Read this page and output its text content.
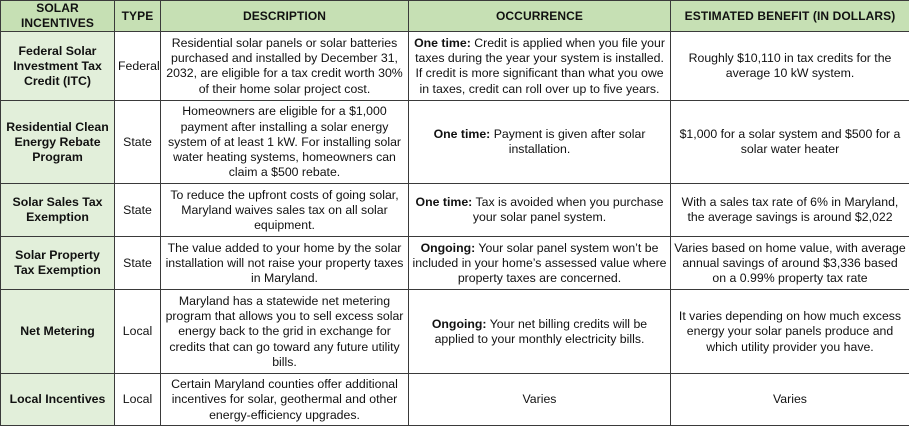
SOLAR INCENTIVES	TYPE	DESCRIPTION	OCCURRENCE	ESTIMATED BENEFIT (IN DOLLARS)
Federal Solar Investment Tax Credit (ITC)	Federal	Residential solar panels or solar batteries purchased and installed by December 31, 2032, are eligible for a tax credit worth 30% of their home solar project cost.	One time: Credit is applied when you file your taxes during the year your system is installed. If credit is more significant than what you owe in taxes, credit can roll over up to five years.	Roughly $10,110 in tax credits for the average 10 kW system.
Residential Clean Energy Rebate Program	State	Homeowners are eligible for a $1,000 payment after installing a solar energy system of at least 1 kW. For installing solar water heating systems, homeowners can claim a $500 rebate.	One time: Payment is given after solar installation.	$1,000 for a solar system and $500 for a solar water heater
Solar Sales Tax Exemption	State	To reduce the upfront costs of going solar, Maryland waives sales tax on all solar equipment.	One time: Tax is avoided when you purchase your solar panel system.	With a sales tax rate of 6% in Maryland, the average savings is around $2,022
Solar Property Tax Exemption	State	The value added to your home by the solar installation will not raise your property taxes in Maryland.	Ongoing: Your solar panel system won’t be included in your home’s assessed value where property taxes are concerned.	Varies based on home value, with average annual savings of around $3,336 based on a 0.99% property tax rate
Net Metering	Local	Maryland has a statewide net metering program that allows you to sell excess solar energy back to the grid in exchange for credits that can go toward any future utility bills.	Ongoing: Your net billing credits will be applied to your monthly electricity bills.	It varies depending on how much excess energy your solar panels produce and which utility provider you have.
Local Incentives	Local	Certain Maryland counties offer additional incentives for solar, geothermal and other energy-efficiency upgrades.	Varies	Varies
